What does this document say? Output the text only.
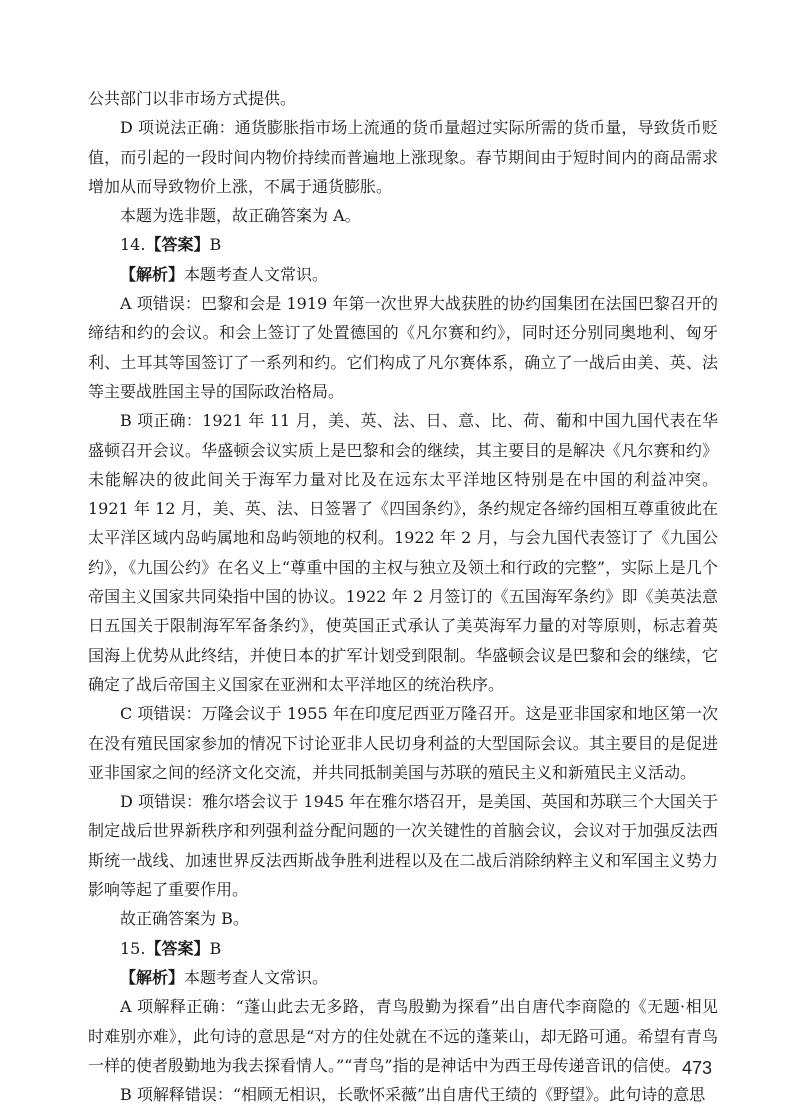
公共部门以非市场方式提供。

D 项说法正确：通货膨胀指市场上流通的货币量超过实际所需的货币量，导致货币贬值，而引起的一段时间内物价持续而普遍地上涨现象。春节期间由于短时间内的商品需求增加从而导致物价上涨，不属于通货膨胀。

本题为选非题，故正确答案为 A。

14.【答案】B

【解析】本题考查人文常识。

A 项错误：巴黎和会是 1919 年第一次世界大战获胜的协约国集团在法国巴黎召开的缔结和约的会议。和会上签订了处置德国的《凡尔赛和约》，同时还分别同奥地利、匈牙利、土耳其等国签订了一系列和约。它们构成了凡尔赛体系，确立了一战后由美、英、法等主要战胜国主导的国际政治格局。

B 项正确：1921 年 11 月，美、英、法、日、意、比、荷、葡和中国九国代表在华盛顿召开会议。华盛顿会议实质上是巴黎和会的继续，其主要目的是解决《凡尔赛和约》未能解决的彼此间关于海军力量对比及在远东太平洋地区特别是在中国的利益冲突。1921 年 12 月，美、英、法、日签署了《四国条约》，条约规定各缔约国相互尊重彼此在太平洋区域内岛屿属地和岛屿领地的权利。1922 年 2 月，与会九国代表签订了《九国公约》，《九国公约》在名义上“尊重中国的主权与独立及领土和行政的完整”，实际上是几个帝国主义国家共同染指中国的协议。1922 年 2 月签订的《五国海军条约》即《美英法意日五国关于限制海军军备条约》，使英国正式承认了美英海军力量的对等原则，标志着英国海上优势从此终结，并使日本的扩军计划受到限制。华盛顿会议是巴黎和会的继续，它确定了战后帝国主义国家在亚洲和太平洋地区的统治秩序。

C 项错误：万隆会议于 1955 年在印度尼西亚万隆召开。这是亚非国家和地区第一次在没有殖民国家参加的情况下讨论亚非人民切身利益的大型国际会议。其主要目的是促进亚非国家之间的经济文化交流，并共同抵制美国与苏联的殖民主义和新殖民主义活动。

D 项错误：雅尔塔会议于 1945 年在雅尔塔召开，是美国、英国和苏联三个大国关于制定战后世界新秩序和列强利益分配问题的一次关键性的首脑会议，会议对于加强反法西斯统一战线、加速世界反法西斯战争胜利进程以及在二战后消除纳粹主义和军国主义势力影响等起了重要作用。

故正确答案为 B。

15.【答案】B

【解析】本题考查人文常识。

A 项解释正确：“蓬山此去无多路，青鸟殷勤为探看”出自唐代李商隐的《无题·相见时难别亦难》，此句诗的意思是“对方的住处就在不远的蓬莱山，却无路可通。希望有青鸟一样的使者殷勤地为我去探看情人。”“青鸟”指的是神话中为西王母传递音讯的信使。

B 项解释错误：“相顾无相识，长歌怀采薇”出自唐代王绩的《野望》。此句诗的意思

473
